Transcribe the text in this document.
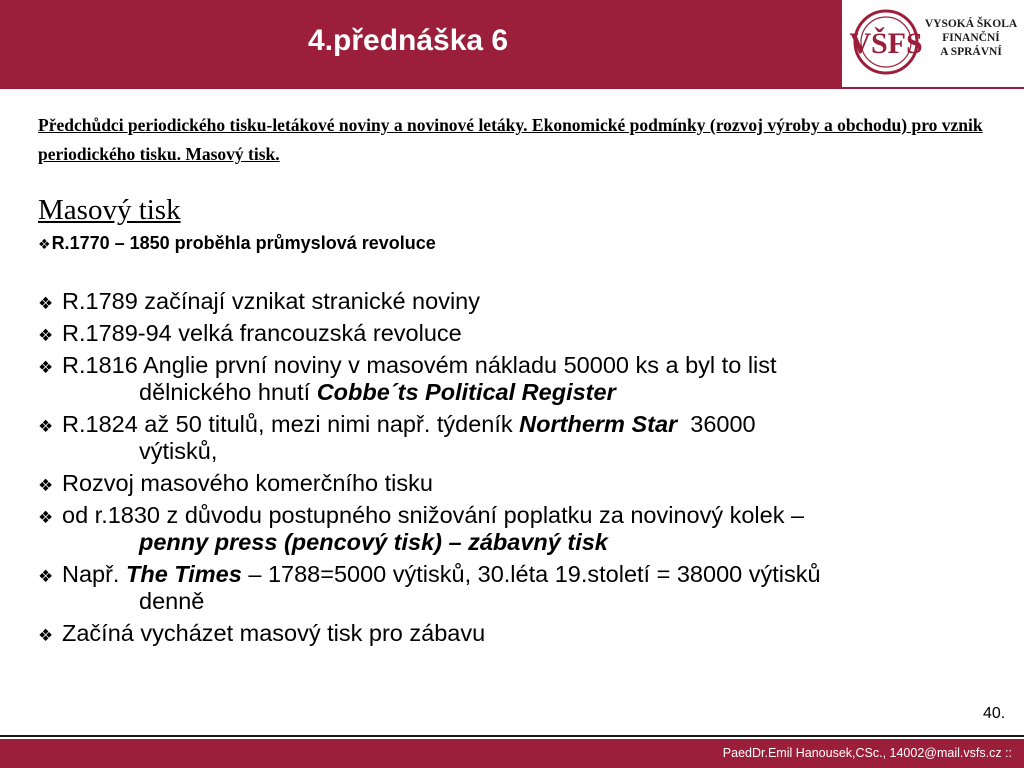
4.přednáška 6	VŠFS
VYSOKÁ ŠKOLA
FINANČNÍ
A SPRÁVNÍ
Předchůdci periodického tisku-letákové noviny a novinové letáky. Ekonomické podmínky (rozvoj výroby a obchodu) pro vznik periodického tisku. Masový tisk.
Masový tisk
❖R.1770 – 1850 proběhla průmyslová revoluce
❖ R.1789 začínají vznikat stranické noviny
❖ R.1789-94 velká francouzská revoluce
❖ R.1816 Anglie první noviny v masovém nákladu 50000 ks a byl to list
dělnického hnutí Cobbe´ts Political Register
❖ R.1824 až 50 titulů, mezi nimi např. týdeník Northerm Star  36000
výtisků,
❖ Rozvoj masového komerčního tisku
❖ od r.1830 z důvodu postupného snižování poplatku za novinový kolek –
penny press (pencový tisk) – zábavný tisk
❖ Např. The Times – 1788=5000 výtisků, 30.léta 19.století = 38000 výtisků
denně
❖ Začíná vycházet masový tisk pro zábavu
40.
PaedDr.Emil Hanousek,CSc., 14002@mail.vsfs.cz ::
